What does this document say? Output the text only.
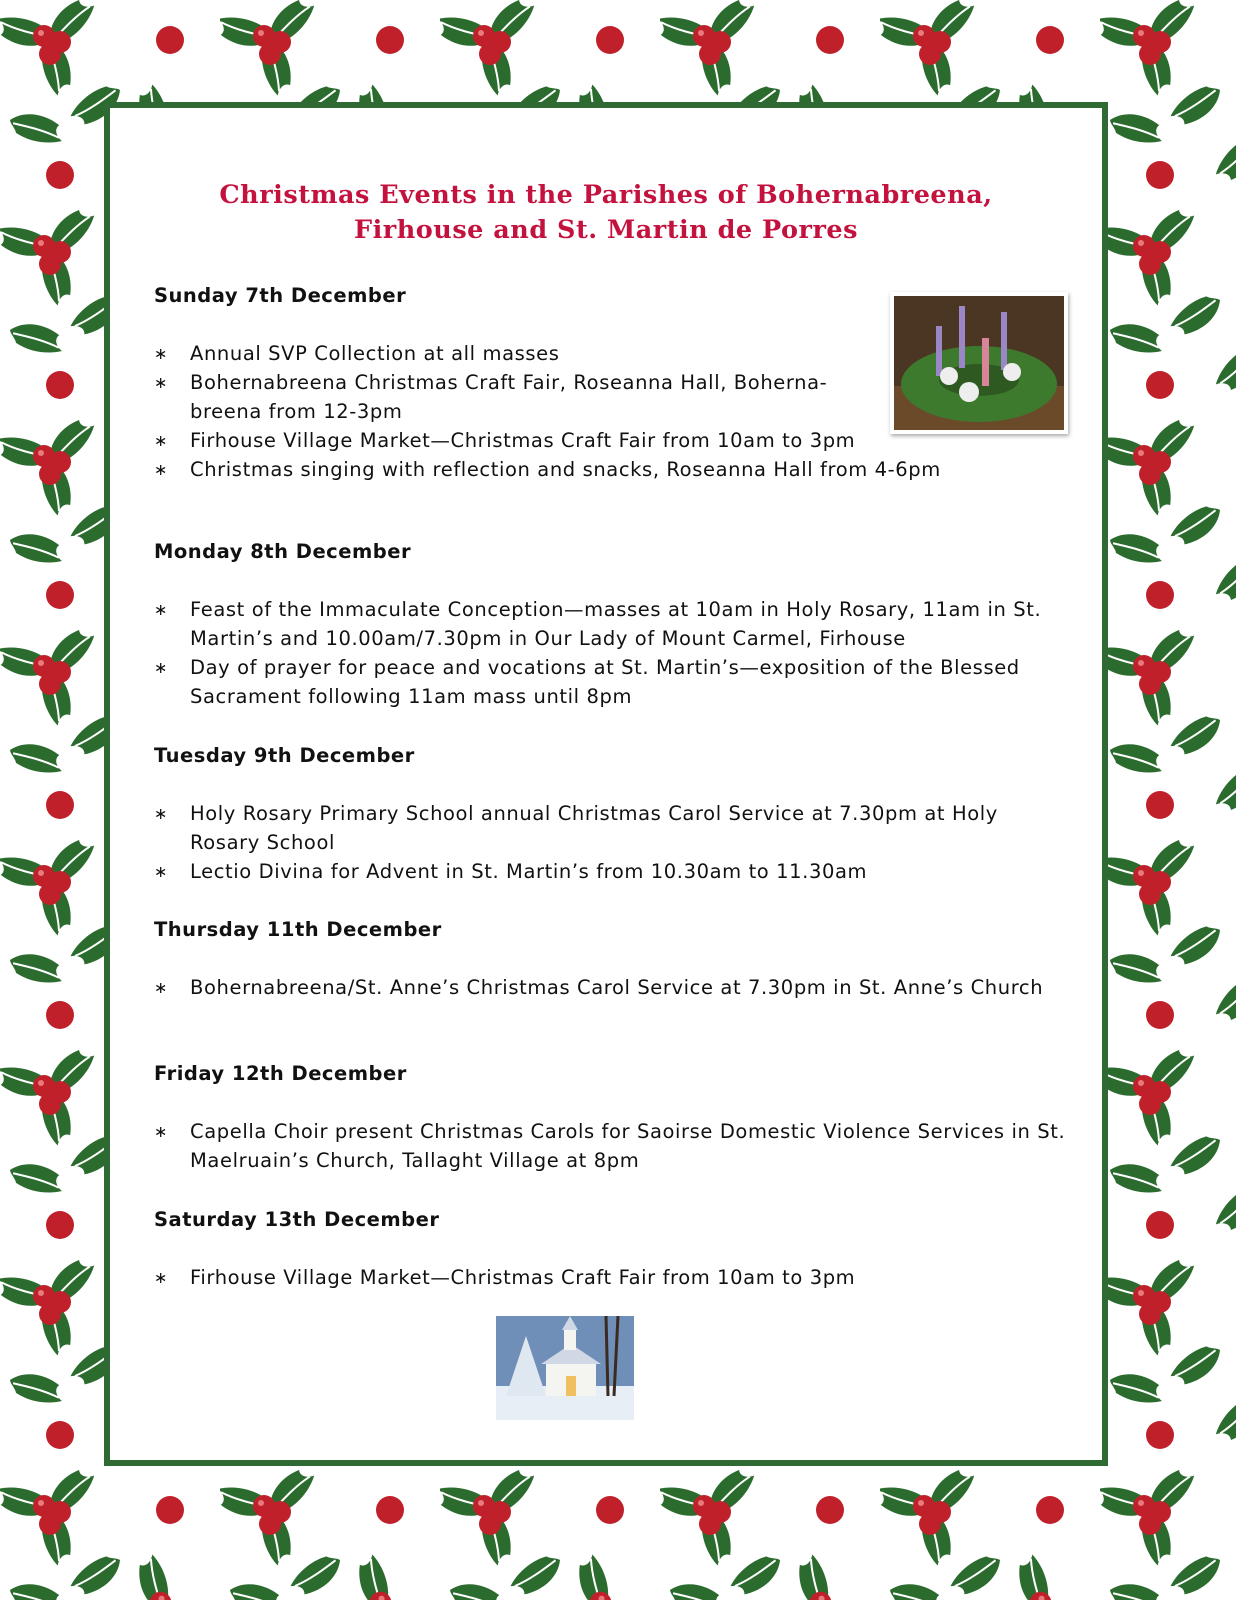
Christmas Events in the Parishes of Bohernabreena,
Firhouse and St. Martin de Porres
Sunday 7th December
∗ Annual SVP Collection at all masses
∗ Bohernabreena Christmas Craft Fair, Roseanna Hall, Boherna-breena from 12-3pm
∗ Firhouse Village Market—Christmas Craft Fair from 10am to 3pm
∗ Christmas singing with reflection and snacks, Roseanna Hall from 4-6pm
Monday 8th December
∗ Feast of the Immaculate Conception—masses at 10am in Holy Rosary, 11am in St. Martin’s and 10.00am/7.30pm in Our Lady of Mount Carmel, Firhouse
∗ Day of prayer for peace and vocations at St. Martin’s—exposition of the Blessed Sacrament following 11am mass until 8pm
Tuesday 9th December
∗ Holy Rosary Primary School annual Christmas Carol Service at 7.30pm at Holy Rosary School
∗ Lectio Divina for Advent in St. Martin’s from 10.30am to 11.30am
Thursday 11th December
∗ Bohernabreena/St. Anne’s Christmas Carol Service at 7.30pm in St. Anne’s Church
Friday 12th December
∗ Capella Choir present Christmas Carols for Saoirse Domestic Violence Services in St. Maelruain’s Church, Tallaght Village at 8pm
Saturday 13th December
∗ Firhouse Village Market—Christmas Craft Fair from 10am to 3pm
